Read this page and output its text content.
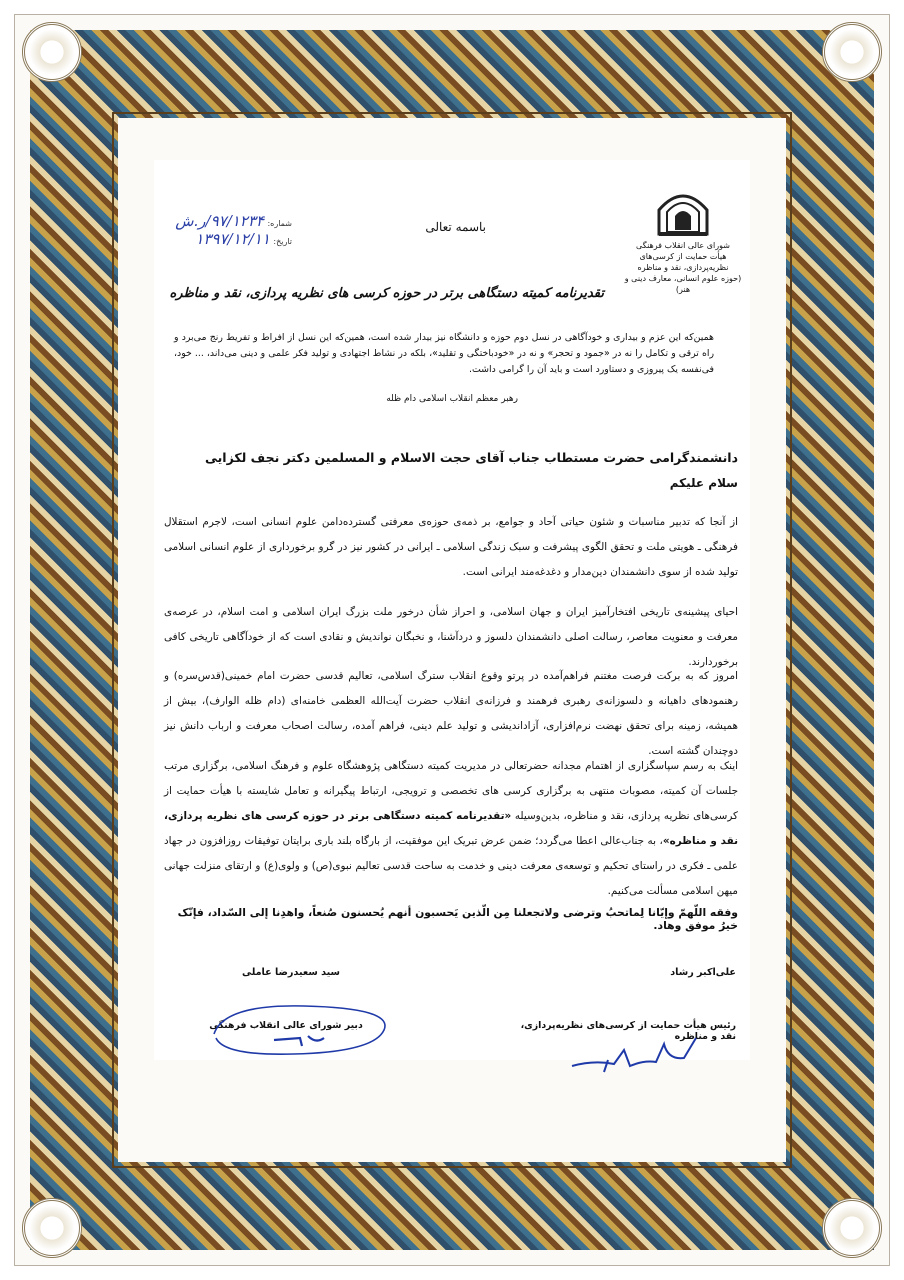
شورای عالی انقلاب فرهنگی
هیأت حمایت از کرسی‌های نظریه‌پردازی، نقد و مناظره
(حوزه علوم انسانی، معارف دینی و هنر)
باسمه تعالی
شماره: ۹۷/۱۲۳۴/ر.ش
تاریخ: ۱۳۹۷/۱۲/۱۱
تقدیرنامه کمیته دستگاهی برتر در حوزه کرسی های نظریه پردازی، نقد و مناظره
همین‌که این عزم و بیداری و خودآگاهی در نسل دوم حوزه و دانشگاه نیز بیدار شده است، همین‌که این نسل از افراط و تفریط رنج می‌برد و راه ترقی و تکامل را نه در «جمود و تحجر» و نه در «خودباختگی و تقلید»، بلکه در نشاط اجتهادی و تولید فکر علمی و دینی می‌داند، ... خود، فی‌نفسه یک پیروزی و دستاورد است و باید آن را گرامی داشت.
رهبر معظم انقلاب اسلامی دام ظله
دانشمندگرامی حضرت مستطاب جناب آقای حجت الاسلام و المسلمین دکتر نجف لکزایی
سلام علیکم
از آنجا که تدبیر مناسبات و شئون حیاتی آحاد و جوامع، بر ذمه‌ی حوزه‌ی معرفتی گسترده‌دامن علوم انسانی است، لاجرم استقلال فرهنگی ـ هویتی ملت و تحقق الگوی پیشرفت و سبک زندگی اسلامی ـ ایرانی در کشور نیز در گرو برخورداری از علوم انسانی اسلامی تولید شده از سوی دانشمندان دین‌مدار و دغدغه‌مند ایرانی است.
احیای پیشینه‌ی تاریخی افتخارآمیز ایران و جهان اسلامی، و احراز شأن درخور ملت بزرگ ایران اسلامی و امت اسلام، در عرصه‌ی معرفت و معنویت معاصر، رسالت اصلی دانشمندان دلسوز و دردآشنا، و نخبگان نواندیش و نقادی است که از خودآگاهی تاریخی کافی برخوردارند.
امروز که به برکت فرصت مغتنم فراهم‌آمده در پرتو وقوع انقلاب سترگ اسلامی، تعالیم قدسی حضرت امام خمینی(قدس‌سره) و رهنمودهای داهیانه و دلسوزانه‌ی رهبری فرهمند و فرزانه‌ی انقلاب حضرت آیت‌الله العظمی خامنه‌ای (دام ظله الوارف)، بیش از همیشه، زمینه برای تحقق نهضت نرم‌افزاری، آزاداندیشی و تولید علم دینی، فراهم آمده، رسالت اصحاب معرفت و ارباب دانش نیز دوچندان گشته است.
اینک به رسم سپاسگزاری از اهتمام مجدانه حضرتعالی در مدیریت کمیته دستگاهی پژوهشگاه علوم و فرهنگ اسلامی، برگزاری مرتب جلسات آن کمیته، مصوبات منتهی به برگزاری کرسی های تخصصی و ترویجی، ارتباط پیگیرانه و تعامل شایسته با هیأت حمایت از کرسی‌های نظریه پردازی، نقد و مناظره، بدین‌وسیله «تقدیرنامه کمیته دستگاهی برتر در حوزه کرسی های نظریه پردازی، نقد و مناظره»، به جناب‌عالی اعطا می‌گردد؛ ضمن عرض تبریک این موفقیت، از بارگاه بلند باری برایتان توفیقات روزافزون در جهاد علمی ـ فکری در راستای تحکیم و توسعه‌ی معرفت دینی و خدمت به ساحت قدسی تعالیم نبوی(ص) و ولوی(ع) و ارتقای منزلت جهانی میهن اسلامی مسألت می‌کنیم.
وفقه اللّهمّ وإیّانا لِماتحبُ وترضی ولاتجعلنا مِن الّذین یَحسبون أنهم یُحسنون صُنعاً، واهدِنا إلی السّداد، فإنّک خیرُ موفق وهاد.
علی‌اکبر رشاد
سید سعیدرضا عاملی
رئیس هیأت حمایت از کرسی‌های نظریه‌پردازی، نقد و مناظره
دبیر شورای عالی انقلاب فرهنگی
